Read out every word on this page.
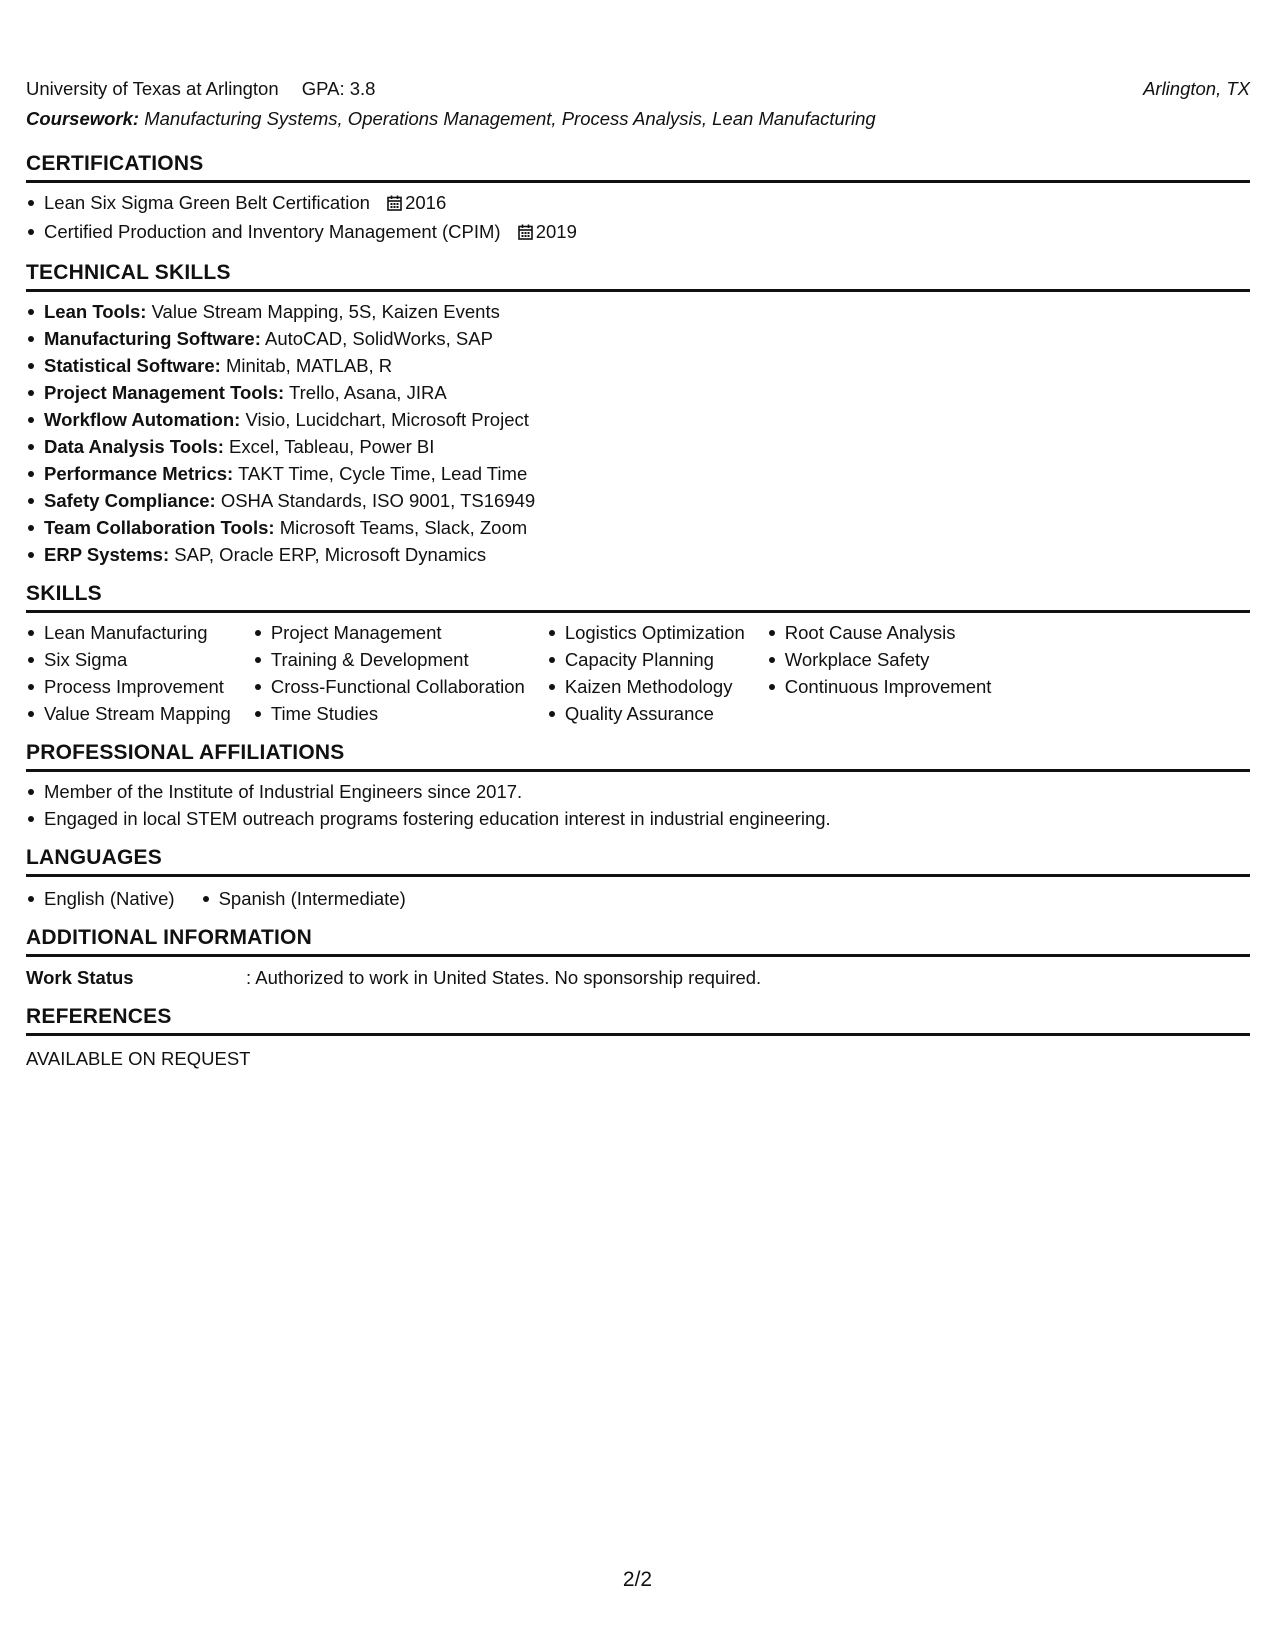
University of Texas at Arlington GPA: 3.8	Arlington, TX
Coursework: Manufacturing Systems, Operations Management, Process Analysis, Lean Manufacturing
CERTIFICATIONS
Lean Six Sigma Green Belt Certification 2016
Certified Production and Inventory Management (CPIM) 2019
TECHNICAL SKILLS
Lean Tools: Value Stream Mapping, 5S, Kaizen Events
Manufacturing Software: AutoCAD, SolidWorks, SAP
Statistical Software: Minitab, MATLAB, R
Project Management Tools: Trello, Asana, JIRA
Workflow Automation: Visio, Lucidchart, Microsoft Project
Data Analysis Tools: Excel, Tableau, Power BI
Performance Metrics: TAKT Time, Cycle Time, Lead Time
Safety Compliance: OSHA Standards, ISO 9001, TS16949
Team Collaboration Tools: Microsoft Teams, Slack, Zoom
ERP Systems: SAP, Oracle ERP, Microsoft Dynamics
SKILLS
Lean Manufacturing
Six Sigma
Process Improvement
Value Stream Mapping
Project Management
Training & Development
Cross-Functional Collaboration
Time Studies
Logistics Optimization
Capacity Planning
Kaizen Methodology
Quality Assurance
Root Cause Analysis
Workplace Safety
Continuous Improvement
PROFESSIONAL AFFILIATIONS
Member of the Institute of Industrial Engineers since 2017.
Engaged in local STEM outreach programs fostering education interest in industrial engineering.
LANGUAGES
English (Native)	Spanish (Intermediate)
ADDITIONAL INFORMATION
Work Status	: Authorized to work in United States. No sponsorship required.
REFERENCES
AVAILABLE ON REQUEST
2/2
